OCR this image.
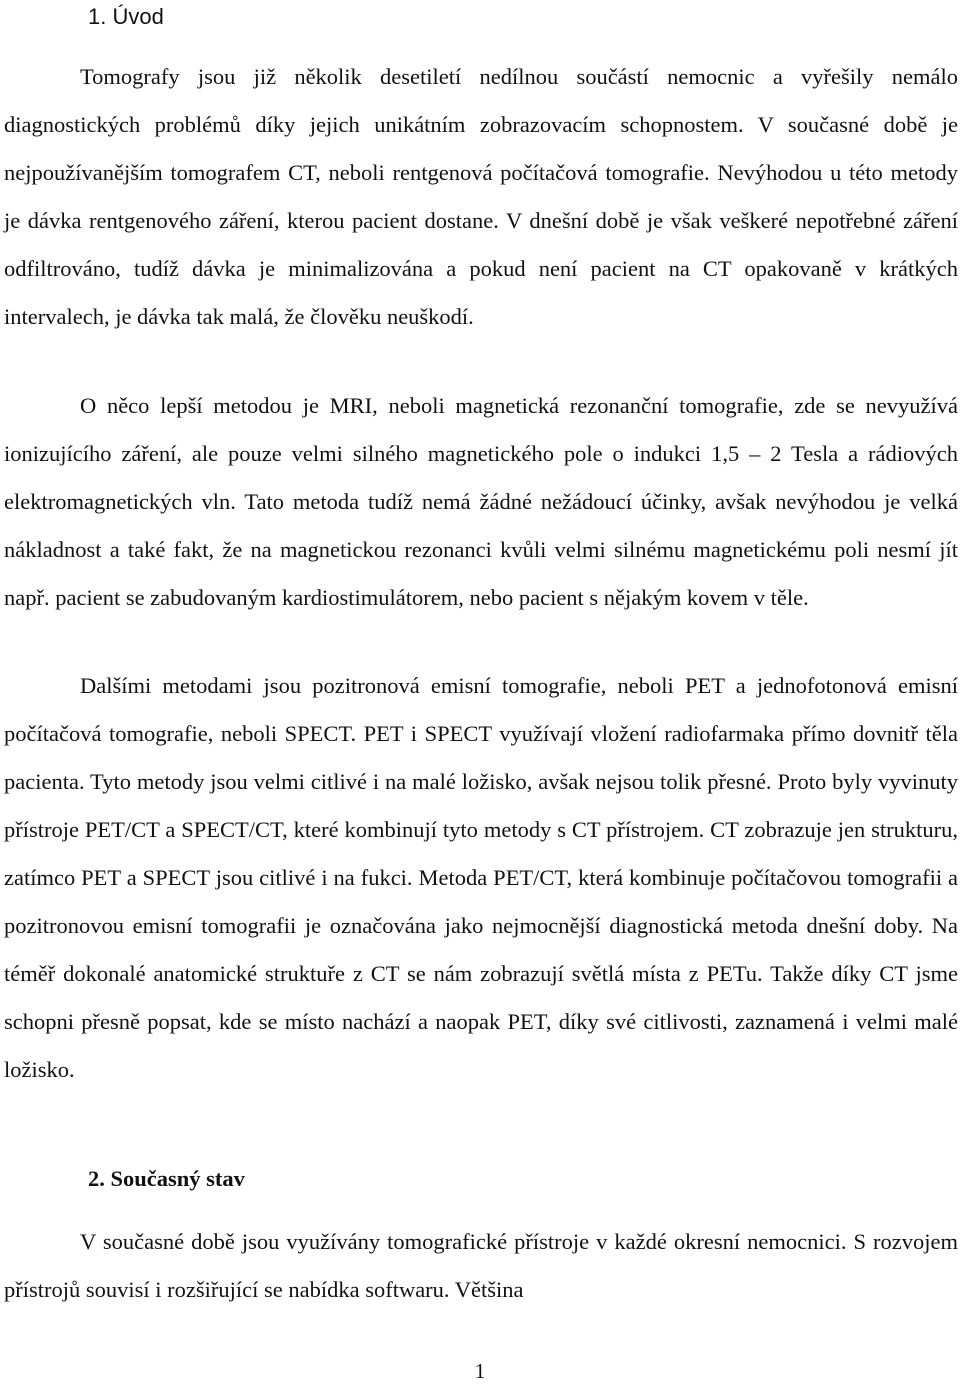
1. Úvod

Tomografy jsou již několik desetiletí nedílnou součástí nemocnic a vyřešily nemálo diagnostických problémů díky jejich unikátním zobrazovacím schopnostem. V současné době je nejpoužívanějším tomografem CT, neboli rentgenová počítačová tomografie. Nevýhodou u této metody je dávka rentgenového záření, kterou pacient dostane. V dnešní době je však veškeré nepotřebné záření odfiltrováno, tudíž dávka je minimalizována a pokud není pacient na CT opakovaně v krátkých intervalech, je dávka tak malá, že člověku neuškodí.

O něco lepší metodou je MRI, neboli magnetická rezonanční tomografie, zde se nevyužívá ionizujícího záření, ale pouze velmi silného magnetického pole o indukci 1,5 – 2 Tesla a rádiových elektromagnetických vln. Tato metoda tudíž nemá žádné nežádoucí účinky, avšak nevýhodou je velká nákladnost a také fakt, že na magnetickou rezonanci kvůli velmi silnému magnetickému poli nesmí jít např. pacient se zabudovaným kardiostimulátorem, nebo pacient s nějakým kovem v těle.

Dalšími metodami jsou pozitronová emisní tomografie, neboli PET a jednofotonová emisní počítačová tomografie, neboli SPECT. PET i SPECT využívají vložení radiofarmaka přímo dovnitř těla pacienta. Tyto metody jsou velmi citlivé i na malé ložisko, avšak nejsou tolik přesné. Proto byly vyvinuty přístroje PET/CT a SPECT/CT, které kombinují tyto metody s CT přístrojem. CT zobrazuje jen strukturu, zatímco PET a SPECT jsou citlivé i na fukci. Metoda PET/CT, která kombinuje počítačovou tomografii a pozitronovou emisní tomografii je označována jako nejmocnější diagnostická metoda dnešní doby. Na téměř dokonalé anatomické struktuře z CT se nám zobrazují světlá místa z PETu. Takže díky CT jsme schopni přesně popsat, kde se místo nachází a naopak PET, díky své citlivosti, zaznamená i velmi malé ložisko.

2. Současný stav

V současné době jsou využívány tomografické přístroje v každé okresní nemocnici. S rozvojem přístrojů souvisí i rozšiřující se nabídka softwaru. Většina

1
